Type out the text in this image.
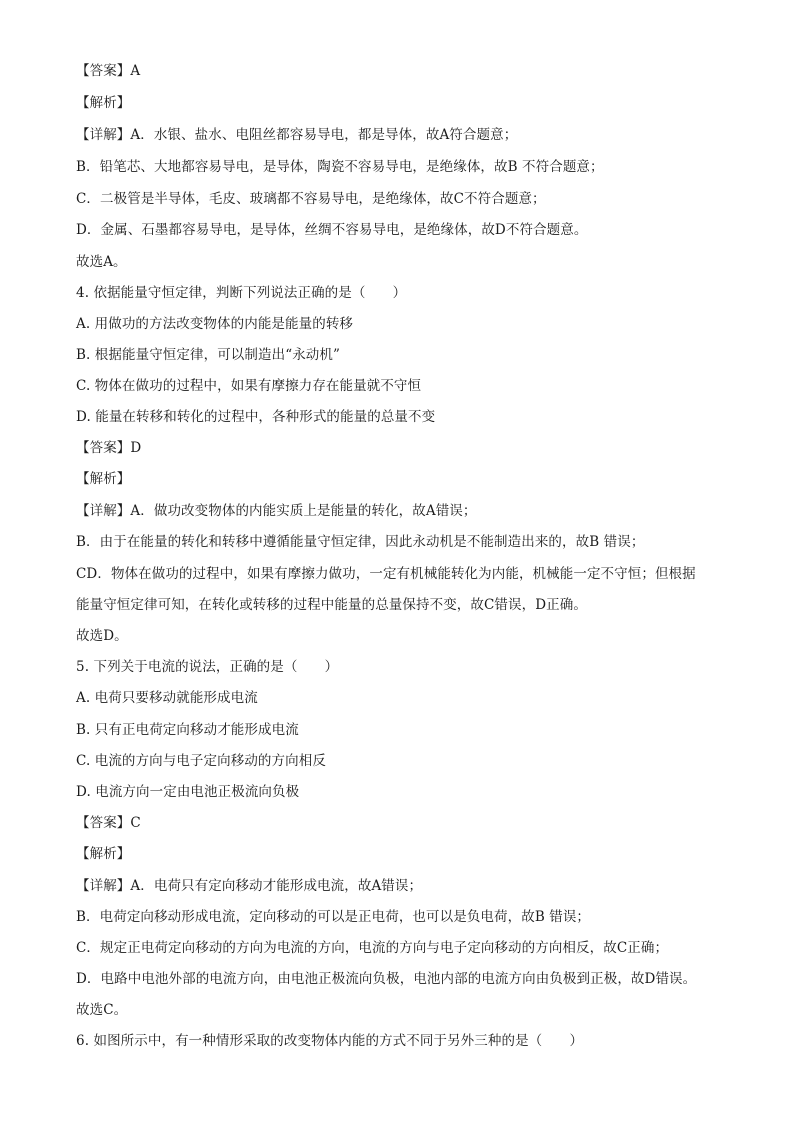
【答案】A
【解析】
【详解】A．水银、盐水、电阻丝都容易导电，都是导体，故A符合题意；
B．铅笔芯、大地都容易导电，是导体，陶瓷不容易导电，是绝缘体，故B 不符合题意；
C．二极管是半导体，毛皮、玻璃都不容易导电，是绝缘体，故C不符合题意；
D．金属、石墨都容易导电，是导体，丝绸不容易导电，是绝缘体，故D不符合题意。
故选A。
4. 依据能量守恒定律，判断下列说法正确的是（　　）
A. 用做功的方法改变物体的内能是能量的转移
B. 根据能量守恒定律，可以制造出“永动机”
C. 物体在做功的过程中，如果有摩擦力存在能量就不守恒
D. 能量在转移和转化的过程中，各种形式的能量的总量不变
【答案】D
【解析】
【详解】A．做功改变物体的内能实质上是能量的转化，故A错误；
B．由于在能量的转化和转移中遵循能量守恒定律，因此永动机是不能制造出来的，故B 错误；
CD．物体在做功的过程中，如果有摩擦力做功，一定有机械能转化为内能，机械能一定不守恒；但根据
能量守恒定律可知，在转化或转移的过程中能量的总量保持不变，故C错误，D正确。
故选D。
5. 下列关于电流的说法，正确的是（　　）
A. 电荷只要移动就能形成电流
B. 只有正电荷定向移动才能形成电流
C. 电流的方向与电子定向移动的方向相反
D. 电流方向一定由电池正极流向负极
【答案】C
【解析】
【详解】A．电荷只有定向移动才能形成电流，故A错误；
B．电荷定向移动形成电流，定向移动的可以是正电荷，也可以是负电荷，故B 错误；
C．规定正电荷定向移动的方向为电流的方向，电流的方向与电子定向移动的方向相反，故C正确；
D．电路中电池外部的电流方向，由电池正极流向负极，电池内部的电流方向由负极到正极，故D错误。
故选C。
6. 如图所示中，有一种情形采取的改变物体内能的方式不同于另外三种的是（　　）
